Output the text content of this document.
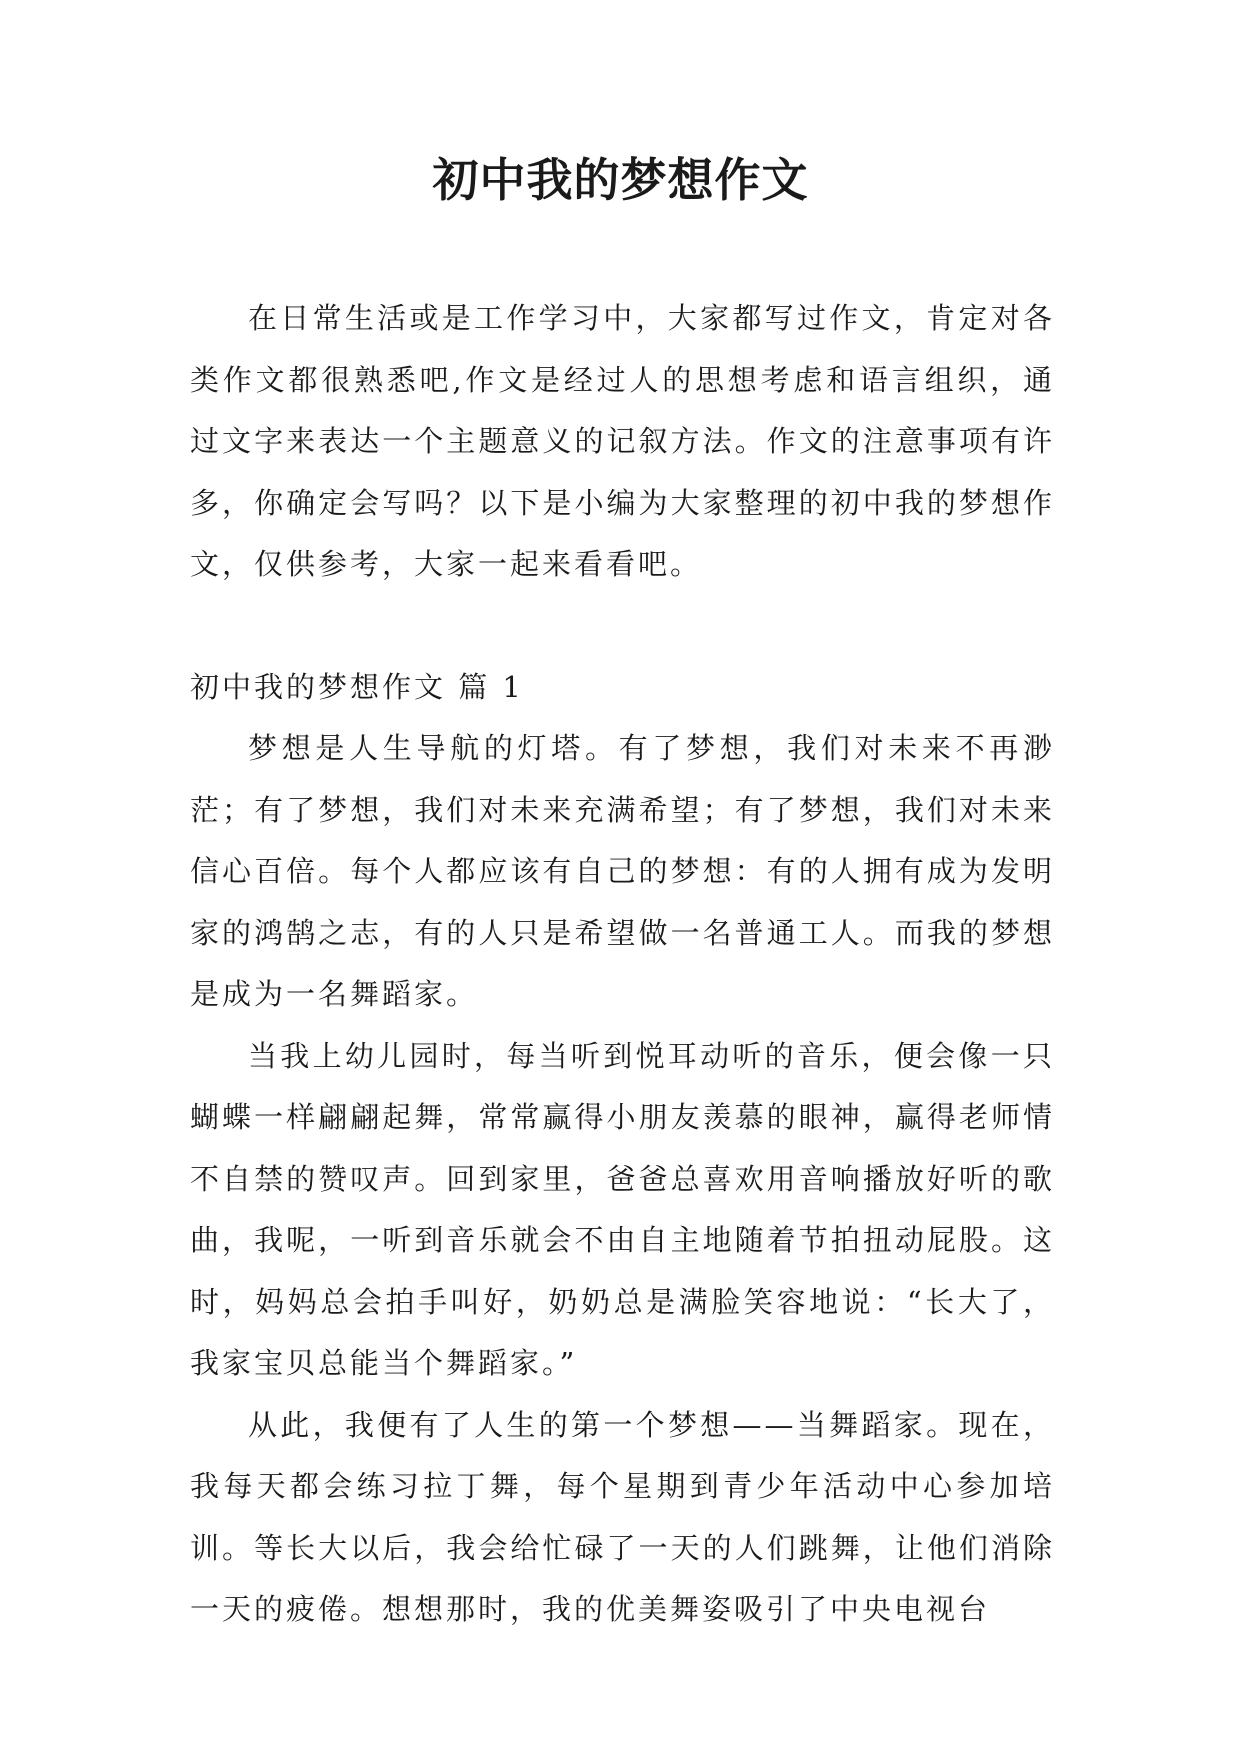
初中我的梦想作文

在日常生活或是工作学习中，大家都写过作文，肯定对各类作文都很熟悉吧,作文是经过人的思想考虑和语言组织，通过文字来表达一个主题意义的记叙方法。作文的注意事项有许多，你确定会写吗？以下是小编为大家整理的初中我的梦想作文，仅供参考，大家一起来看看吧。

初中我的梦想作文 篇 1

梦想是人生导航的灯塔。有了梦想，我们对未来不再渺茫；有了梦想，我们对未来充满希望；有了梦想，我们对未来信心百倍。每个人都应该有自己的梦想：有的人拥有成为发明家的鸿鹄之志，有的人只是希望做一名普通工人。而我的梦想是成为一名舞蹈家。

当我上幼儿园时，每当听到悦耳动听的音乐，便会像一只蝴蝶一样翩翩起舞，常常赢得小朋友羡慕的眼神，赢得老师情不自禁的赞叹声。回到家里，爸爸总喜欢用音响播放好听的歌曲，我呢，一听到音乐就会不由自主地随着节拍扭动屁股。这时，妈妈总会拍手叫好，奶奶总是满脸笑容地说：“长大了，我家宝贝总能当个舞蹈家。”

从此，我便有了人生的第一个梦想——当舞蹈家。现在，我每天都会练习拉丁舞，每个星期到青少年活动中心参加培训。等长大以后，我会给忙碌了一天的人们跳舞，让他们消除一天的疲倦。想想那时，我的优美舞姿吸引了中央电视台
